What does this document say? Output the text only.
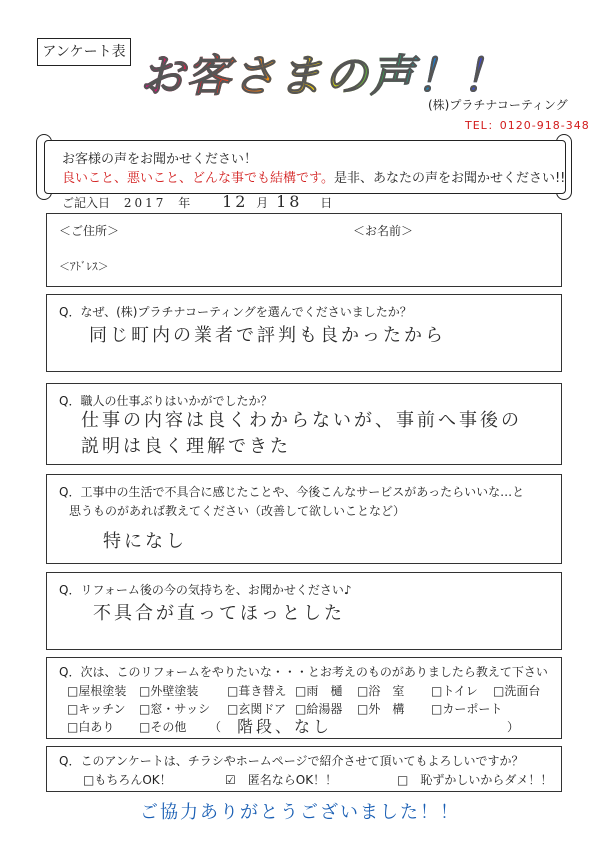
アンケート表 お客さまの声！！
(株)プラチナコーティング
TEL：0120-918-348
お客様の声をお聞かせください！
良いこと、悪いこと、どんな事でも結構です。是非、あなたの声をお聞かせください!!
ご記入日 2017 年 12 月 18 日
＜ご住所＞	＜お名前＞
＜ｱﾄﾞﾚｽ＞
Q．なぜ、(株)プラチナコーティングを選んでくださいましたか？
同じ町内の業者で評判も良かったから
Q．職人の仕事ぶりはいかがでしたか？
仕事の内容は良くわからないが、事前へ事後の
説明は良く理解できた
Q．工事中の生活で不具合に感じたことや、今後こんなサービスがあったらいいな…と
思うものがあれば教えてください（改善して欲しいことなど）
特になし
Q．リフォーム後の今の気持ちを、お聞かせください♪
不具合が直ってほっとした
Q．次は、このリフォームをやりたいな・・・とお考えのものがありましたら教えて下さい
□屋根塗装 □外壁塗装 □葺き替え □雨　樋 □浴　室 □トイレ □洗面台
□キッチン □窓・サッシ □玄関ドア □給湯器 □外　構 □カーポート
□白あり □その他 （ 階段、なし	）
Q．このアンケートは、チラシやホームページで紹介させて頂いてもよろしいですか？
□もちろんOK！	☑　匿名ならOK！！	□　恥ずかしいからダメ！！
ご協力ありがとうございました！！
